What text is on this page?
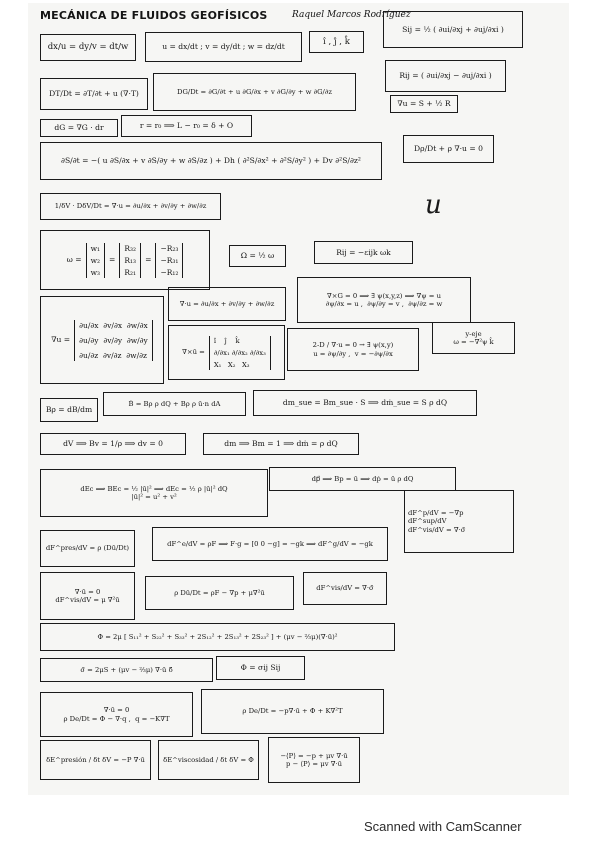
MECÁNICA DE FLUIDOS GEOFÍSICOS	Raquel Marcos Rodríguez
dx/u = dy/v = dt/w	u = dx/dt ; v = dy/dt ; w = dz/dt
î , ĵ , k̂
Sij = ½ ( ∂ui/∂xj + ∂uj/∂xi )
Rij = ( ∂ui/∂xj − ∂uj/∂xi )
∇u = S + ½ R
DT/Dt = ∂T/∂t + u (∇·T)	DG/Dt = ∂G/∂t + u ∂G/∂x + v ∂G/∂y + w ∂G/∂z
dG = ∇G · dr	r = r₀ ⟹ L − r₀ = δ + O
∂S/∂t = −( u ∂S/∂x + v ∂S/∂y + w ∂S/∂z ) + Dh ( ∂²S/∂x² + ∂²S/∂y² ) + Dv ∂²S/∂z²
Dρ/Dt + ρ ∇·u = 0
1/δV · DδV/Dt = ∇·u = ∂u/∂x + ∂v/∂y + ∂w/∂z	u
ω =
w₁
w₂
w₃
=
R₃₂
R₁₃
R₂₁
=
−R₂₃
−R₃₁
−R₁₂
Ω = ½ ω	Rij = −εijk ωk
∇u =
∂u/∂x ∂v/∂x ∂w/∂x
∂u/∂y ∂v/∂y ∂w/∂y
∂u/∂z ∂v/∂z ∂w/∂z
∇·u = ∂u/∂x + ∂v/∂y + ∂w/∂z
∇×G = 0 ⟹ ∃ ψ(x,y,z) ⟹ ∇ψ = u
∂ψ/∂x = u ,  ∂ψ/∂y = v ,  ∂ψ/∂z = w
∇×ū =
î ĵ k̂
∂/∂x₁ ∂/∂x₂ ∂/∂x₃
X₁ X₂ X₃
2-D / ∇·u = 0 → ∃ ψ(x,y)
u = ∂ψ/∂y ,  v = −∂ψ/∂x
y-eje
ω = −∇²ψ k̂
Bρ = dB/dm
Ḃ = Bρ ρ dQ + Bρ ρ ū·n dA	dm_sue = Bm_sue · S ⟹ dṁ_sue = S ρ dQ
dV ⟹ Bv = 1/ρ ⟹ dv = 0	dm ⟹ Bm = 1 ⟹ dṁ = ρ dQ
dEc ⟹ BEc = ½ |ū|² ⟹ dEc = ½ ρ |ū|² dQ
|ū|² = u² + v²
dp⃗ ⟹ Bp = ū ⟹ dṗ = ū ρ dQ
dF^p/dV = −∇p
dF^sup/dV
dF^vis/dV = ∇·σ̃
dF^pres/dV = ρ (Dū/Dt)
dF^e/dV = ρF ⟹ F·g = [0 0 −g] = −gk ⟹ dF^g/dV = −gk
∇·ū = 0
dF^vis/dV = μ ∇²ū
ρ Dū/Dt = ρF − ∇p + μ∇²ū
dF^vis/dV = ∇·σ̃
Φ = 2μ [ S₁₁² + S₂₂² + S₃₃² + 2S₁₂² + 2S₁₃² + 2S₂₃² ] + (μv − ⅔μ)(∇·ū)²
σ̃ = 2μS + (μv − ⅔μ) ∇·ū δ̃	Φ = σij Sij
∇·ū = 0
ρ De/Dt = Φ − ∇·q ,  q = −K∇T
ρ De/Dt = −p∇·ū + Φ + K∇²T
δE^presión / δt δV = −P ∇·ū	δE^viscosidad / δt δV = Φ
−⟨P⟩ = −p + μv ∇·ū
p − ⟨P⟩ = μv ∇·ū
Scanned with CamScanner
